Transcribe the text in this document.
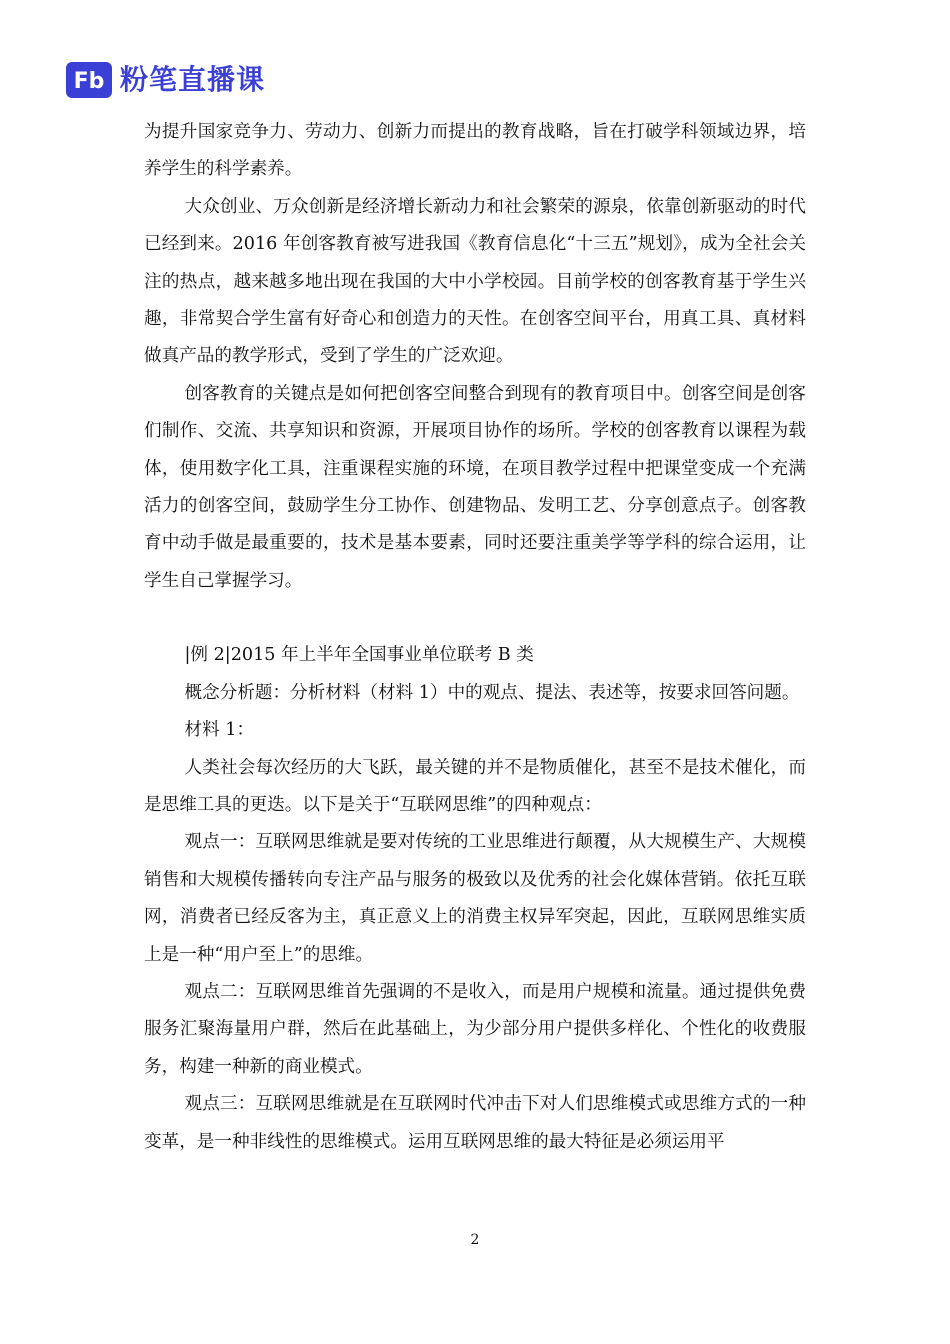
Fb 粉笔直播课

为提升国家竞争力、劳动力、创新力而提出的教育战略，旨在打破学科领域边界，培养学生的科学素养。

大众创业、万众创新是经济增长新动力和社会繁荣的源泉，依靠创新驱动的时代已经到来。2016 年创客教育被写进我国《教育信息化“十三五”规划》，成为全社会关注的热点，越来越多地出现在我国的大中小学校园。目前学校的创客教育基于学生兴趣，非常契合学生富有好奇心和创造力的天性。在创客空间平台，用真工具、真材料做真产品的教学形式，受到了学生的广泛欢迎。

创客教育的关键点是如何把创客空间整合到现有的教育项目中。创客空间是创客们制作、交流、共享知识和资源，开展项目协作的场所。学校的创客教育以课程为载体，使用数字化工具，注重课程实施的环境，在项目教学过程中把课堂变成一个充满活力的创客空间，鼓励学生分工协作、创建物品、发明工艺、分享创意点子。创客教育中动手做是最重要的，技术是基本要素，同时还要注重美学等学科的综合运用，让学生自己掌握学习。

|例 2|2015 年上半年全国事业单位联考 B 类

概念分析题：分析材料（材料 1）中的观点、提法、表述等，按要求回答问题。

材料 1：

人类社会每次经历的大飞跃，最关键的并不是物质催化，甚至不是技术催化，而是思维工具的更迭。以下是关于“互联网思维”的四种观点：

观点一：互联网思维就是要对传统的工业思维进行颠覆，从大规模生产、大规模销售和大规模传播转向专注产品与服务的极致以及优秀的社会化媒体营销。依托互联网，消费者已经反客为主，真正意义上的消费主权异军突起，因此，互联网思维实质上是一种“用户至上”的思维。

观点二：互联网思维首先强调的不是收入，而是用户规模和流量。通过提供免费服务汇聚海量用户群，然后在此基础上，为少部分用户提供多样化、个性化的收费服务，构建一种新的商业模式。

观点三：互联网思维就是在互联网时代冲击下对人们思维模式或思维方式的一种变革，是一种非线性的思维模式。运用互联网思维的最大特征是必须运用平

2
